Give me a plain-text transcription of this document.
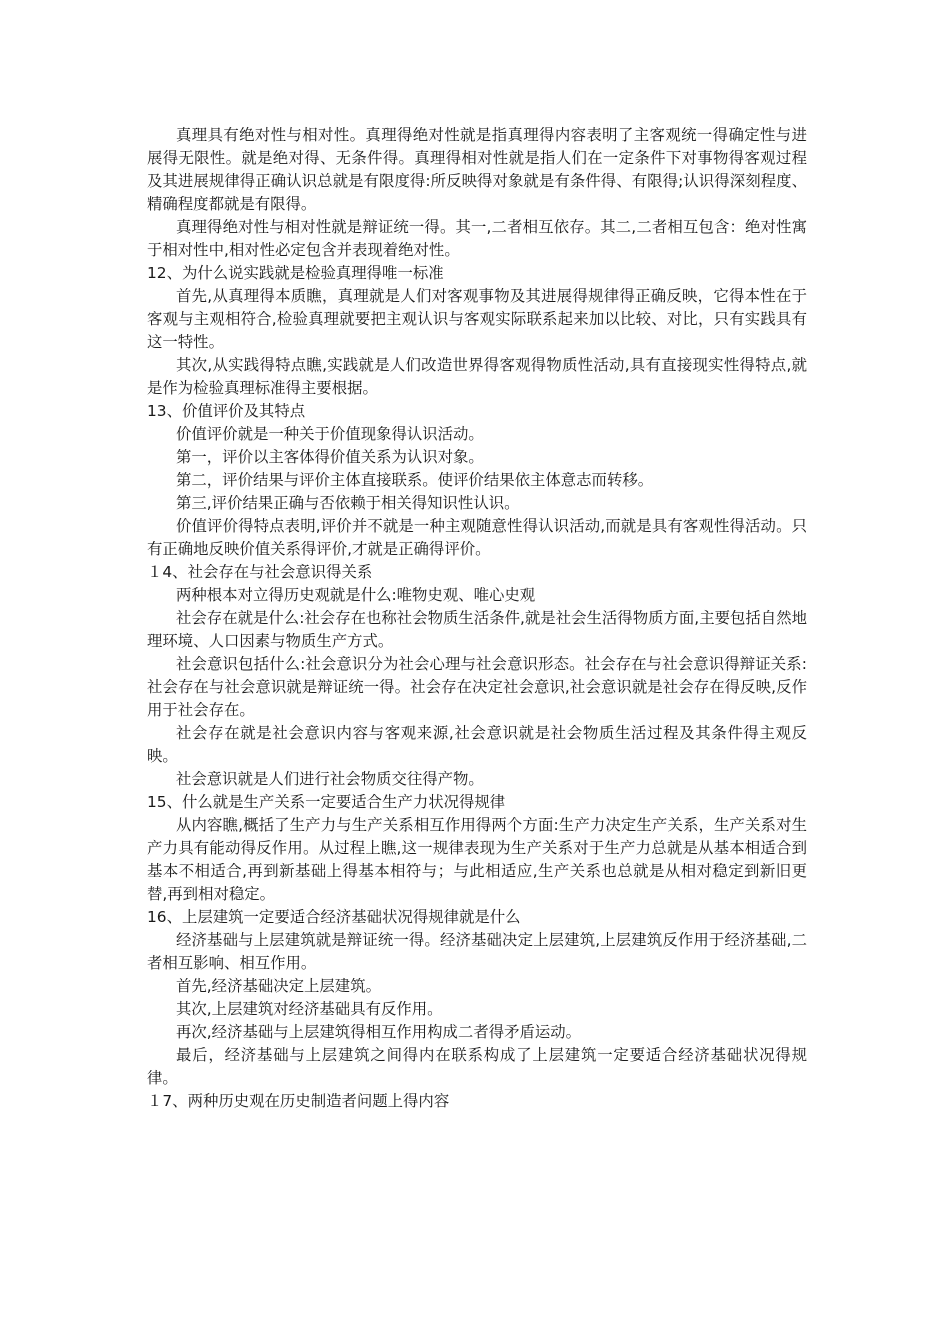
真理具有绝对性与相对性。真理得绝对性就是指真理得内容表明了主客观统一得确定性与进展得无限性。就是绝对得、无条件得。真理得相对性就是指人们在一定条件下对事物得客观过程及其进展规律得正确认识总就是有限度得:所反映得对象就是有条件得、有限得;认识得深刻程度、精确程度都就是有限得。

真理得绝对性与相对性就是辩证统一得。其一,二者相互依存。其二,二者相互包含：绝对性寓于相对性中,相对性必定包含并表现着绝对性。

12、为什么说实践就是检验真理得唯一标准

首先,从真理得本质瞧，真理就是人们对客观事物及其进展得规律得正确反映，它得本性在于客观与主观相符合,检验真理就要把主观认识与客观实际联系起来加以比较、对比，只有实践具有这一特性。

其次,从实践得特点瞧,实践就是人们改造世界得客观得物质性活动,具有直接现实性得特点,就是作为检验真理标准得主要根据。

13、价值评价及其特点

价值评价就是一种关于价值现象得认识活动。

第一，评价以主客体得价值关系为认识对象。

第二，评价结果与评价主体直接联系。使评价结果依主体意志而转移。

第三,评价结果正确与否依赖于相关得知识性认识。

价值评价得特点表明,评价并不就是一种主观随意性得认识活动,而就是具有客观性得活动。只有正确地反映价值关系得评价,才就是正确得评价。

１4、社会存在与社会意识得关系

两种根本对立得历史观就是什么:唯物史观、唯心史观

社会存在就是什么:社会存在也称社会物质生活条件,就是社会生活得物质方面,主要包括自然地理环境、人口因素与物质生产方式。

社会意识包括什么:社会意识分为社会心理与社会意识形态。社会存在与社会意识得辩证关系:社会存在与社会意识就是辩证统一得。社会存在决定社会意识,社会意识就是社会存在得反映,反作用于社会存在。

社会存在就是社会意识内容与客观来源,社会意识就是社会物质生活过程及其条件得主观反映。

社会意识就是人们进行社会物质交往得产物。

15、什么就是生产关系一定要适合生产力状况得规律

从内容瞧,概括了生产力与生产关系相互作用得两个方面:生产力决定生产关系，生产关系对生产力具有能动得反作用。从过程上瞧,这一规律表现为生产关系对于生产力总就是从基本相适合到基本不相适合,再到新基础上得基本相符与；与此相适应,生产关系也总就是从相对稳定到新旧更替,再到相对稳定。

16、上层建筑一定要适合经济基础状况得规律就是什么

经济基础与上层建筑就是辩证统一得。经济基础决定上层建筑,上层建筑反作用于经济基础,二者相互影响、相互作用。

首先,经济基础决定上层建筑。

其次,上层建筑对经济基础具有反作用。

再次,经济基础与上层建筑得相互作用构成二者得矛盾运动。

最后，经济基础与上层建筑之间得内在联系构成了上层建筑一定要适合经济基础状况得规律。

１7、两种历史观在历史制造者问题上得内容
